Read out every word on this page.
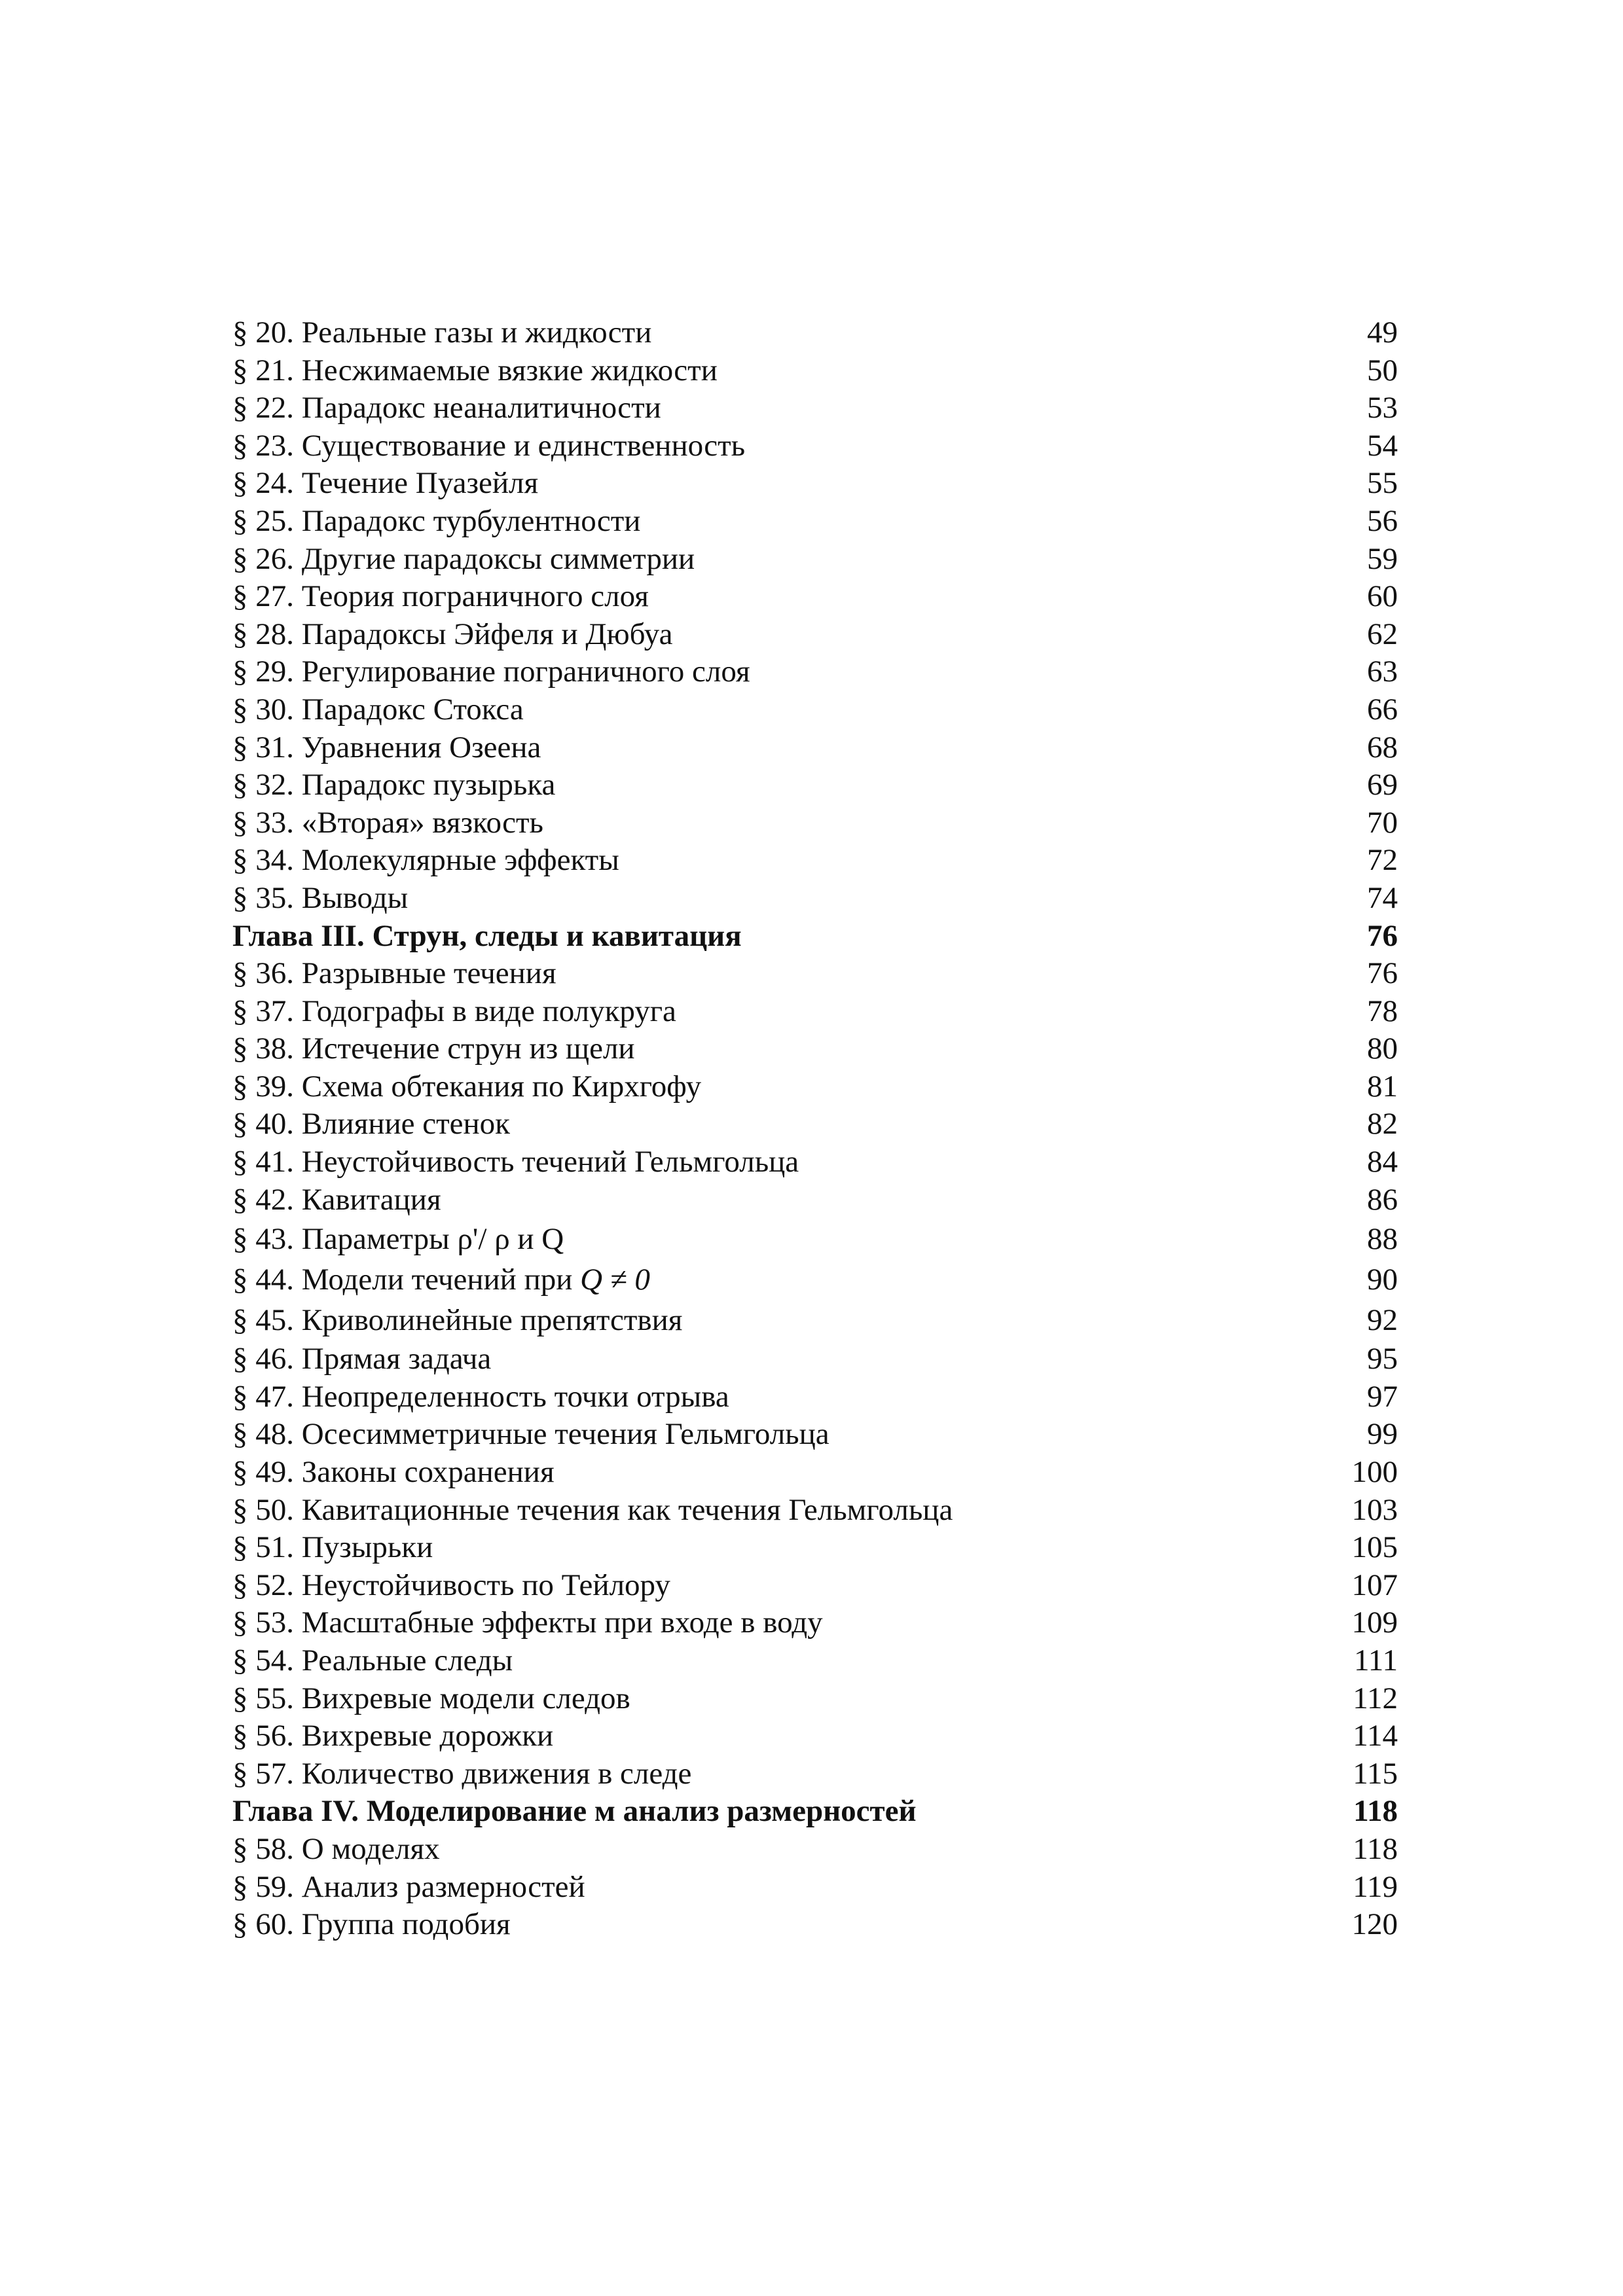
§ 20. Реальные газы и жидкости	49
§ 21. Несжимаемые вязкие жидкости	50
§ 22. Парадокс неаналитичности	53
§ 23. Существование и единственность	54
§ 24. Течение Пуазейля	55
§ 25. Парадокс турбулентности	56
§ 26. Другие парадоксы симметрии	59
§ 27. Теория пограничного слоя	60
§ 28. Парадоксы Эйфеля и Дюбуа	62
§ 29. Регулирование пограничного слоя	63
§ 30. Парадокс Стокса	66
§ 31. Уравнения Озеена	68
§ 32. Парадокс пузырька	69
§ 33. «Вторая» вязкость	70
§ 34. Молекулярные эффекты	72
§ 35. Выводы	74
Глава III. Струн, следы и кавитация	76
§ 36. Разрывные течения	76
§ 37. Годографы в виде полукруга	78
§ 38. Истечение струн из щели	80
§ 39. Схема обтекания по Кирхгофу	81
§ 40. Влияние стенок	82
§ 41. Неустойчивость течений Гельмгольца	84
§ 42. Кавитация	86
§ 43. Параметры ρ'/ ρ и Q	88
§ 44. Модели течений при Q ≠ 0	90
§ 45. Криволинейные препятствия	92
§ 46. Прямая задача	95
§ 47. Неопределенность точки отрыва	97
§ 48. Осесимметричные течения Гельмгольца	99
§ 49. Законы сохранения	100
§ 50. Кавитационные течения как течения Гельмгольца	103
§ 51. Пузырьки	105
§ 52. Неустойчивость по Тейлору	107
§ 53. Масштабные эффекты при входе в воду	109
§ 54. Реальные следы	111
§ 55. Вихревые модели следов	112
§ 56. Вихревые дорожки	114
§ 57. Количество движения в следе	115
Глава IV. Моделирование м анализ размерностей	118
§ 58. О моделях	118
§ 59. Анализ размерностей	119
§ 60. Группа подобия	120
